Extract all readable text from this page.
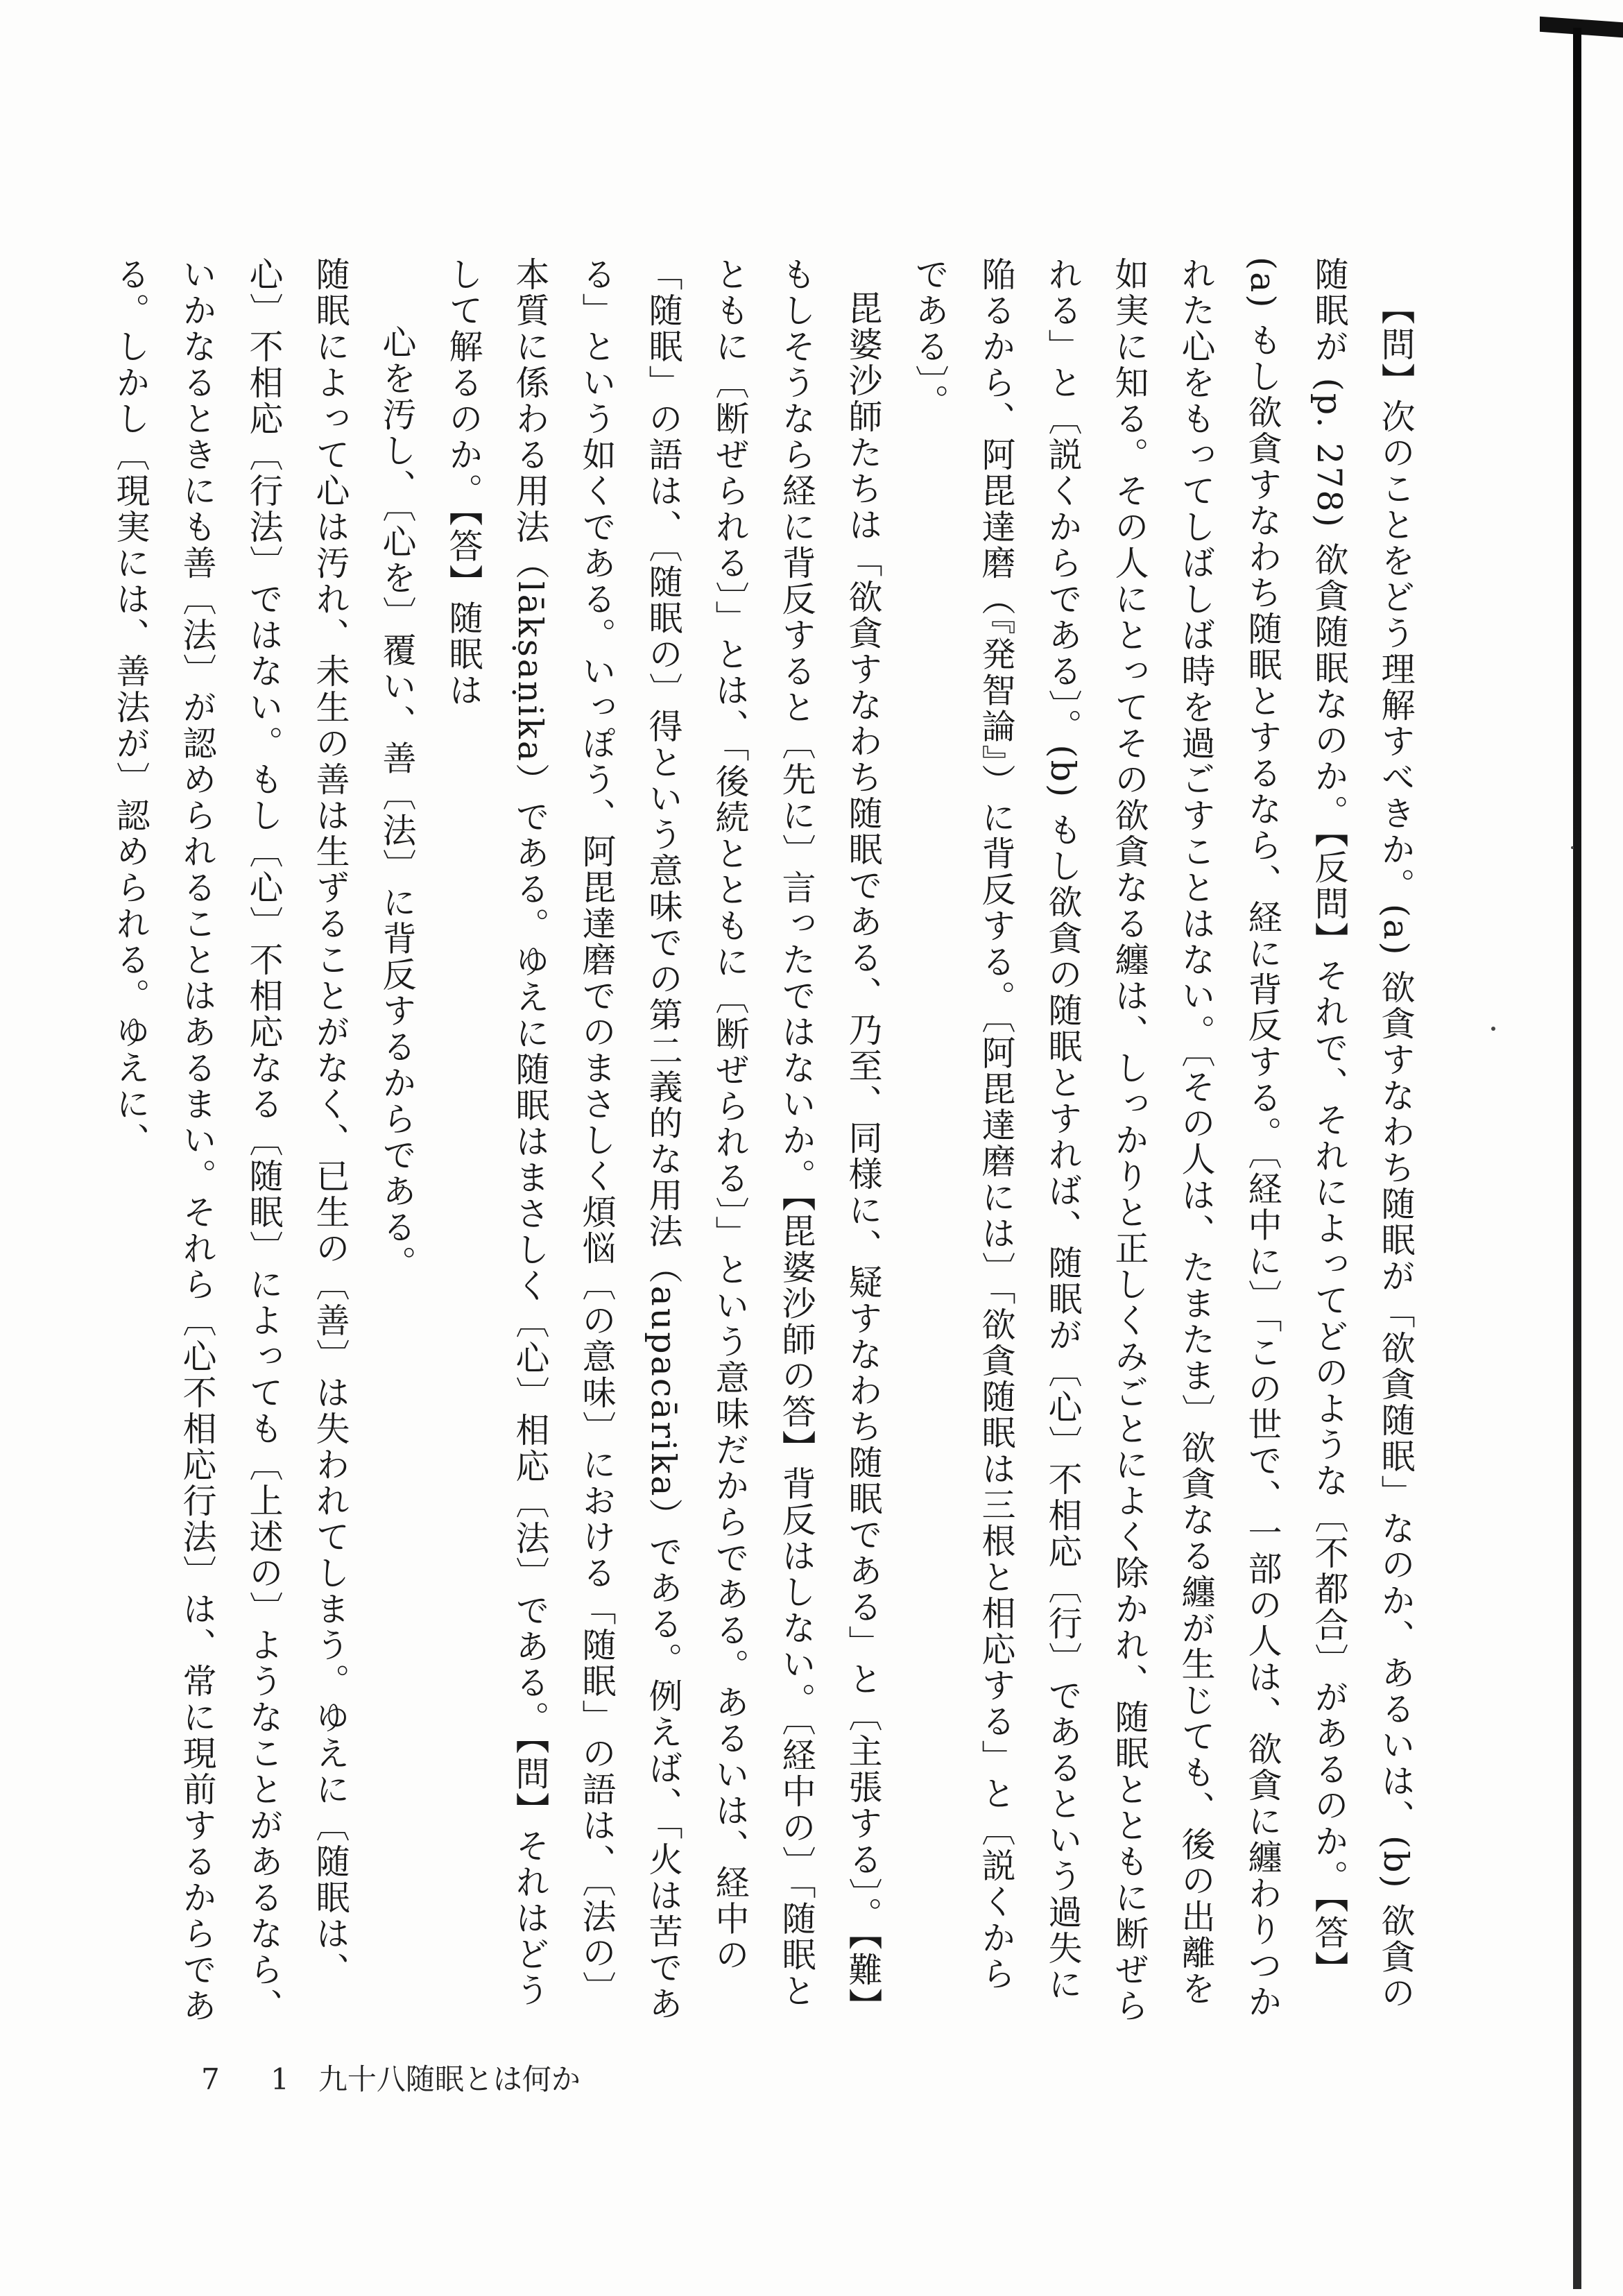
【問】次のことをどう理解すべきか。(a) 欲貪すなわち随眠が「欲貪随眠」なのか、あるいは、(b) 欲貪の随眠が (p. 278) 欲貪随眠なのか。【反問】それで、それによってどのような〔不都合〕があるのか。【答】(a) もし欲貪すなわち随眠とするなら、経に背反する。〔経中に〕「この世で、一部の人は、欲貪に纏わりつかれた心をもってしばしば時を過ごすことはない。〔その人は、たまたま〕欲貪なる纏が生じても、後の出離を如実に知る。その人にとってその欲貪なる纏は、しっかりと正しくみごとによく除かれ、随眠とともに断ぜられる」と〔説くからである〕。(b) もし欲貪の随眠とすれば、随眠が〔心〕不相応〔行〕であるという過失に陥るから、阿毘達磨（『発智論』）に背反する。〔阿毘達磨には〕「欲貪随眠は三根と相応する」と〔説くからである〕。

毘婆沙師たちは「欲貪すなわち随眠である、乃至、同様に、疑すなわち随眠である」と〔主張する〕。【難】もしそうなら経に背反すると〔先に〕言ったではないか。【毘婆沙師の答】背反はしない。〔経中の〕「随眠とともに〔断ぜられる〕」とは、「後続とともに〔断ぜられる〕」という意味だからである。あるいは、経中の「随眠」の語は、〔随眠の〕得という意味での第二義的な用法（aupacārika）である。例えば、「火は苦である」という如くである。いっぽう、阿毘達磨でのまさしく煩悩〔の意味〕における「随眠」の語は、〔法の〕本質に係わる用法（lākṣaṇika）である。ゆえに随眠はまさしく〔心〕相応〔法〕である。【問】それはどうして解るのか。【答】随眠は

心を汚し、〔心を〕覆い、善〔法〕に背反するからである。

随眠によって心は汚れ、未生の善は生ずることがなく、已生の〔善〕は失われてしまう。ゆえに〔随眠は、心〕不相応〔行法〕ではない。もし〔心〕不相応なる〔随眠〕によっても〔上述の〕ようなことがあるなら、いかなるときにも善〔法〕が認められることはあるまい。それら〔心不相応行法〕は、常に現前するからである。しかし〔現実には、善法が〕認められる。ゆえに、

7 1　九十八随眠とは何か
